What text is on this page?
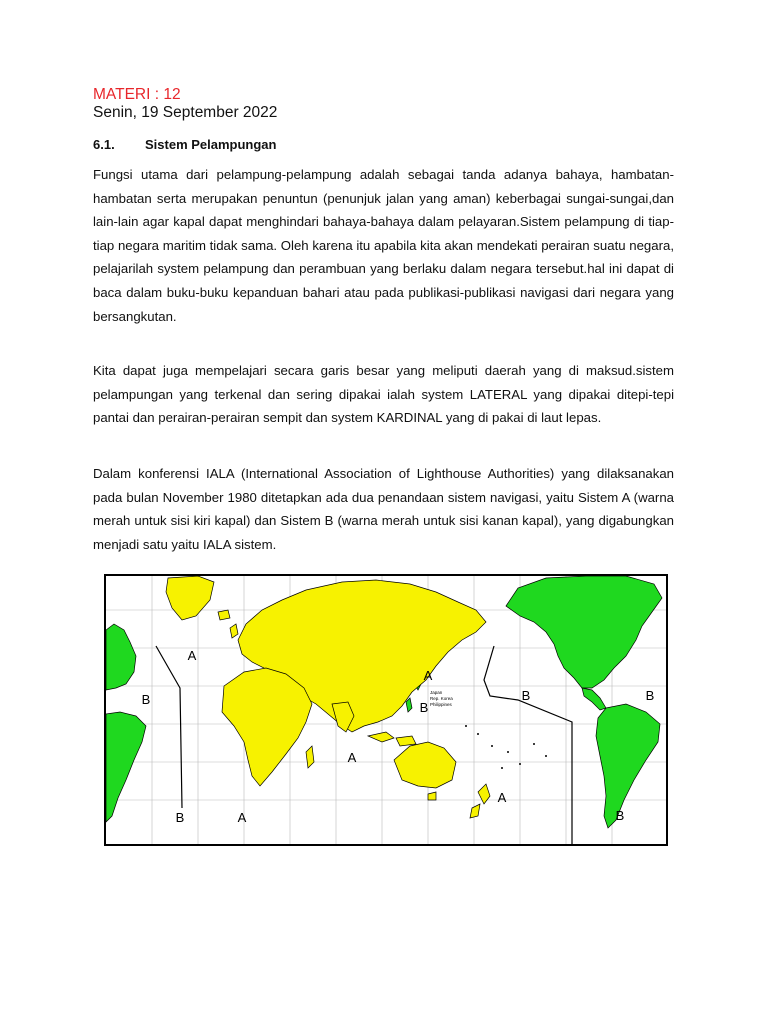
MATERI : 12
Senin, 19 September 2022
6.1. Sistem Pelampungan

Fungsi utama dari pelampung-pelampung adalah sebagai tanda adanya bahaya, hambatan-hambatan serta merupakan penuntun (penunjuk jalan yang aman) keberbagai sungai-sungai,dan lain-lain agar kapal dapat menghindari bahaya-bahaya dalam pelayaran.Sistem pelampung di tiap-tiap negara maritim tidak sama. Oleh karena itu apabila kita akan mendekati perairan suatu negara, pelajarilah system pelampung dan perambuan yang berlaku dalam negara tersebut.hal ini dapat di baca dalam buku-buku kepanduan bahari atau pada publikasi-publikasi navigasi dari negara yang bersangkutan.

Kita dapat juga mempelajari secara garis besar yang meliputi daerah yang di maksud.sistem pelampungan yang terkenal dan sering dipakai ialah system LATERAL yang dipakai ditepi-tepi pantai dan perairan-perairan sempit dan system KARDINAL yang di pakai di laut lepas.

Dalam konferensi IALA (International Association of Lighthouse Authorities) yang dilaksanakan pada bulan November 1980 ditetapkan ada dua penandaan sistem navigasi, yaitu Sistem A (warna merah untuk sisi kiri kapal) dan Sistem B (warna merah untuk sisi kanan kapal), yang digabungkan menjadi satu yaitu IALA sistem.

A
A
A
A
A
B
B
B	B
B
B
Japan
Rep. Korea
Philippines
